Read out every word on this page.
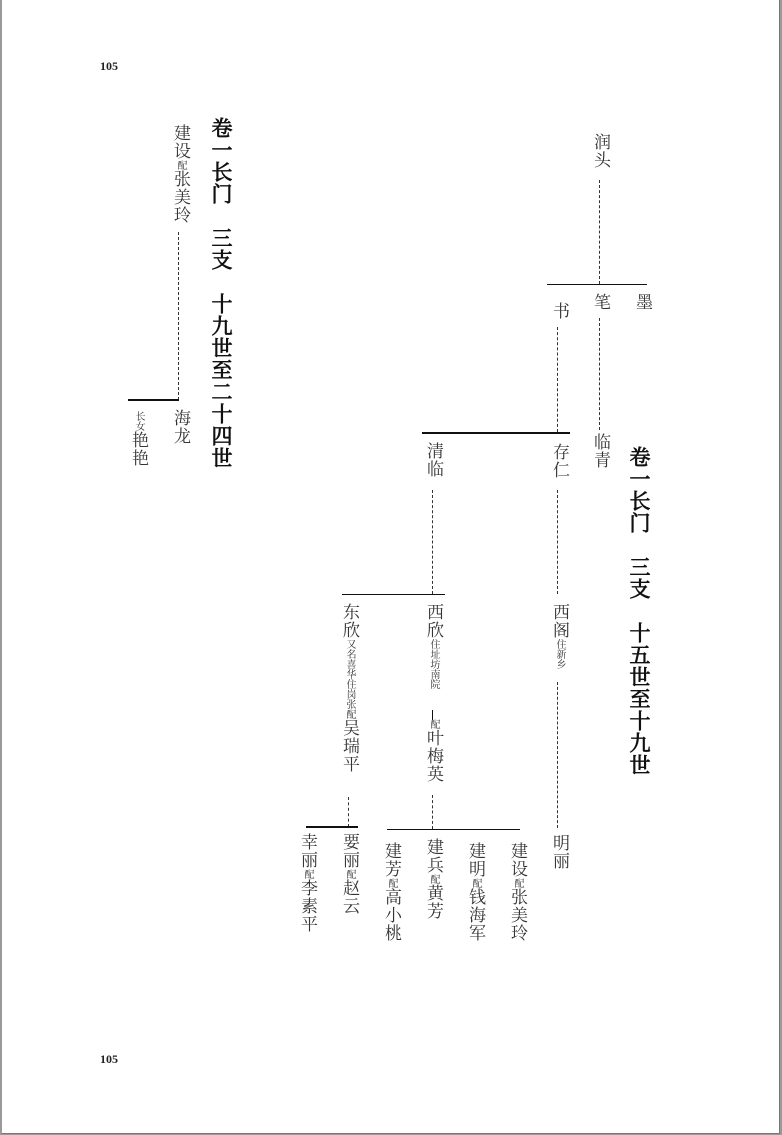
105
105
卷一长门　三支　十九世至二十四世
建设配张美玲
海龙
长女艳艳	卷一长门　三支　十五世至十九世
润头
墨
笔
书
临青
存仁
清临
西阁住新乡
明丽
西欣住址坊南院
配叶梅英
东欣又名喜华住岗张配吴瑞平
建设配张美玲
建明配钱海军
建兵配黄芳
建芳配高小桃
要丽配赵云
幸丽配李素平
